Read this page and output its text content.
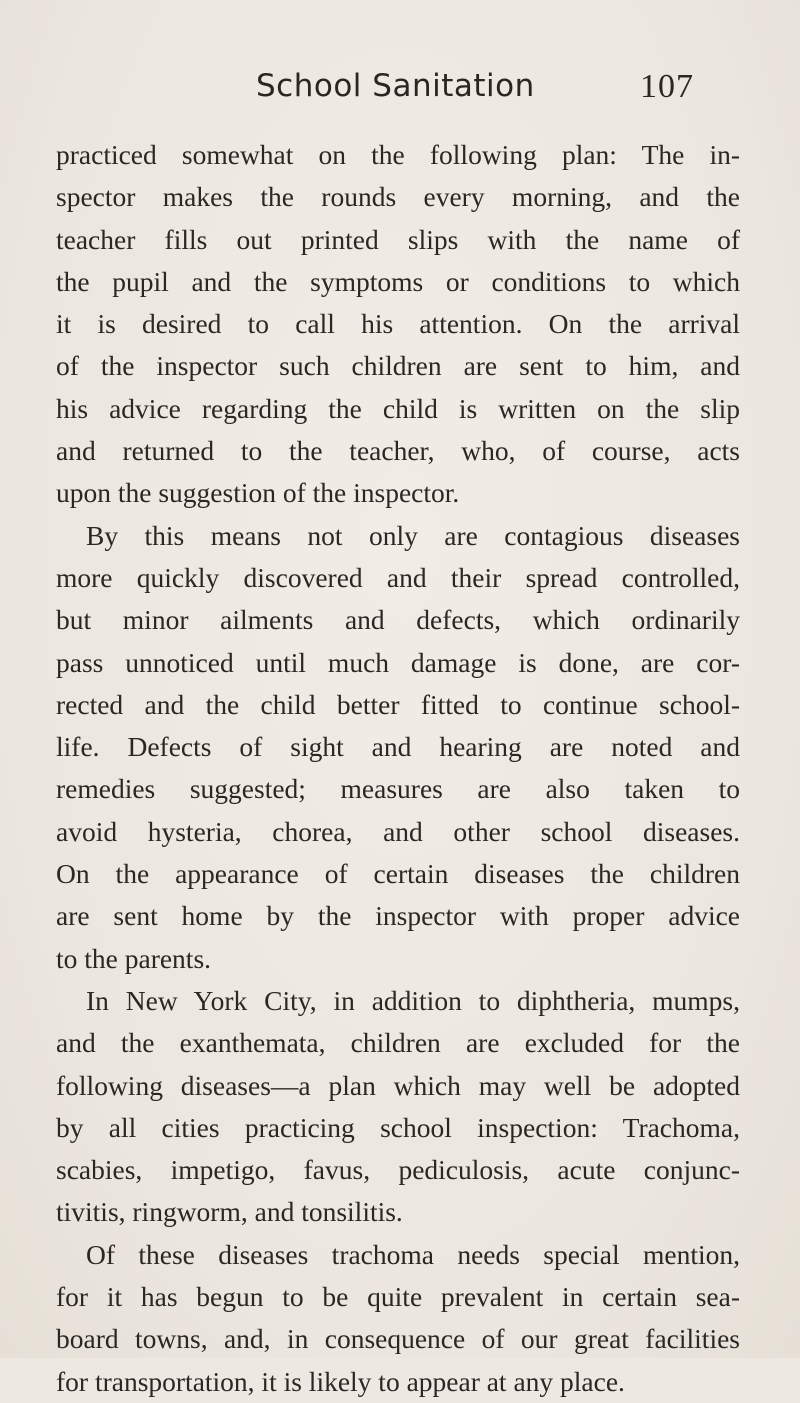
School Sanitation	107
practiced somewhat on the following plan: The in-
spector makes the rounds every morning, and the
teacher fills out printed slips with the name of
the pupil and the symptoms or conditions to which
it is desired to call his attention. On the arrival
of the inspector such children are sent to him, and
his advice regarding the child is written on the slip
and returned to the teacher, who, of course, acts
upon the suggestion of the inspector.
By this means not only are contagious diseases
more quickly discovered and their spread controlled,
but minor ailments and defects, which ordinarily
pass unnoticed until much damage is done, are cor-
rected and the child better fitted to continue school-
life. Defects of sight and hearing are noted and
remedies suggested; measures are also taken to
avoid hysteria, chorea, and other school diseases.
On the appearance of certain diseases the children
are sent home by the inspector with proper advice
to the parents.
In New York City, in addition to diphtheria, mumps,
and the exanthemata, children are excluded for the
following diseases—a plan which may well be adopted
by all cities practicing school inspection: Trachoma,
scabies, impetigo, favus, pediculosis, acute conjunc-
tivitis, ringworm, and tonsilitis.
Of these diseases trachoma needs special mention,
for it has begun to be quite prevalent in certain sea-
board towns, and, in consequence of our great facilities
for transportation, it is likely to appear at any place.
